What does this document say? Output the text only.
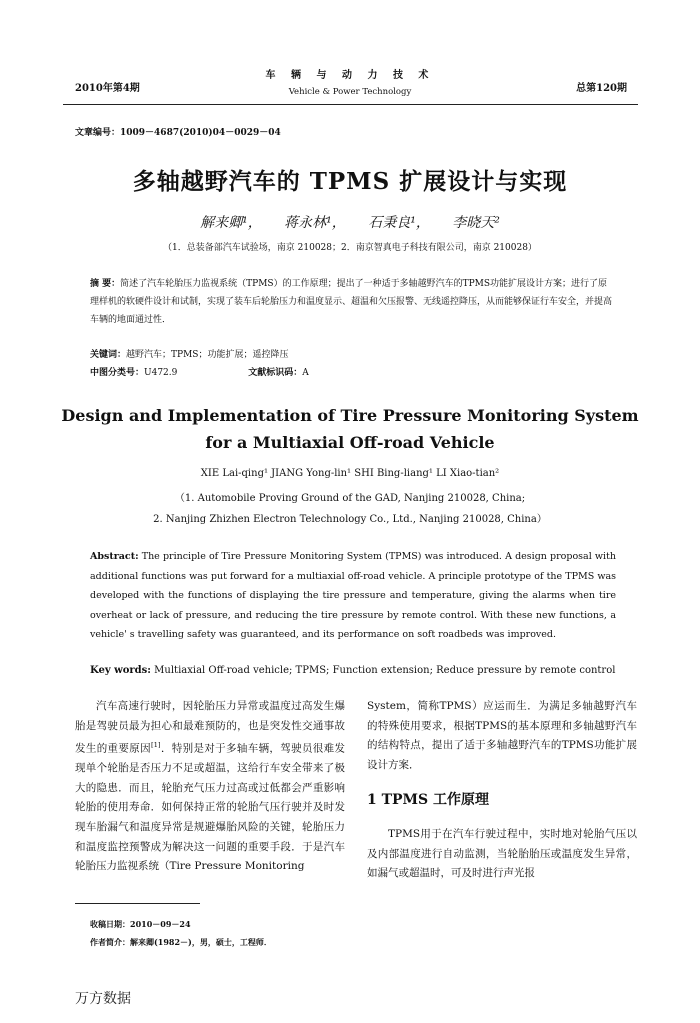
2010年第4期
车 辆 与 动 力 技 术
Vehicle & Power Technology	总第120期
文章编号：1009－4687(2010)04－0029－04
多轴越野汽车的 TPMS 扩展设计与实现
解来卿¹， 蒋永林¹， 石秉良¹， 李晓天²
（1．总装备部汽车试验场，南京 210028；2．南京智真电子科技有限公司，南京 210028）
摘 要：简述了汽车轮胎压力监视系统（TPMS）的工作原理；提出了一种适于多轴越野汽车的TPMS功能扩展设计方案；进行了原理样机的软硬件设计和试制，实现了装车后轮胎压力和温度显示、超温和欠压报警、无线遥控降压，从而能够保证行车安全，并提高车辆的地面通过性．
关键词：越野汽车；TPMS；功能扩展；遥控降压
中图分类号：U472.9	文献标识码：A
Design and Implementation of Tire Pressure Monitoring System
for a Multiaxial Off-road Vehicle
XIE Lai-qing¹ JIANG Yong-lin¹ SHI Bing-liang¹ LI Xiao-tian²
（1. Automobile Proving Ground of the GAD, Nanjing 210028, China;
2. Nanjing Zhizhen Electron Telechnology Co., Ltd., Nanjing 210028, China）
Abstract: The principle of Tire Pressure Monitoring System (TPMS) was introduced. A design proposal with additional functions was put forward for a multiaxial off-road vehicle. A principle prototype of the TPMS was developed with the functions of displaying the tire pressure and temperature, giving the alarms when tire overheat or lack of pressure, and reducing the tire pressure by remote control. With these new functions, a vehicle' s travelling safety was guaranteed, and its performance on soft roadbeds was improved.
Key words: Multiaxial Off-road vehicle; TPMS; Function extension; Reduce pressure by remote control

汽车高速行驶时，因轮胎压力异常或温度过高发生爆胎是驾驶员最为担心和最难预防的，也是突发性交通事故发生的重要原因[1]．特别是对于多轴车辆，驾驶员很难发现单个轮胎是否压力不足或超温，这给行车安全带来了极大的隐患．而且，轮胎充气压力过高或过低都会严重影响轮胎的使用寿命．如何保持正常的轮胎气压行驶并及时发现车胎漏气和温度异常是规避爆胎风险的关键，轮胎压力和温度监控预警成为解决这一问题的重要手段．于是汽车轮胎压力监视系统（Tire Pressure Monitoring

System，简称TPMS）应运而生．为满足多轴越野汽车的特殊使用要求，根据TPMS的基本原理和多轴越野汽车的结构特点，提出了适于多轴越野汽车的TPMS功能扩展设计方案．

1 TPMS 工作原理

TPMS用于在汽车行驶过程中，实时地对轮胎气压以及内部温度进行自动监测，当轮胎胎压或温度发生异常，如漏气或超温时，可及时进行声光报

收稿日期：2010－09－24
作者简介：解来卿(1982－)，男，硕士，工程师．
万方数据
